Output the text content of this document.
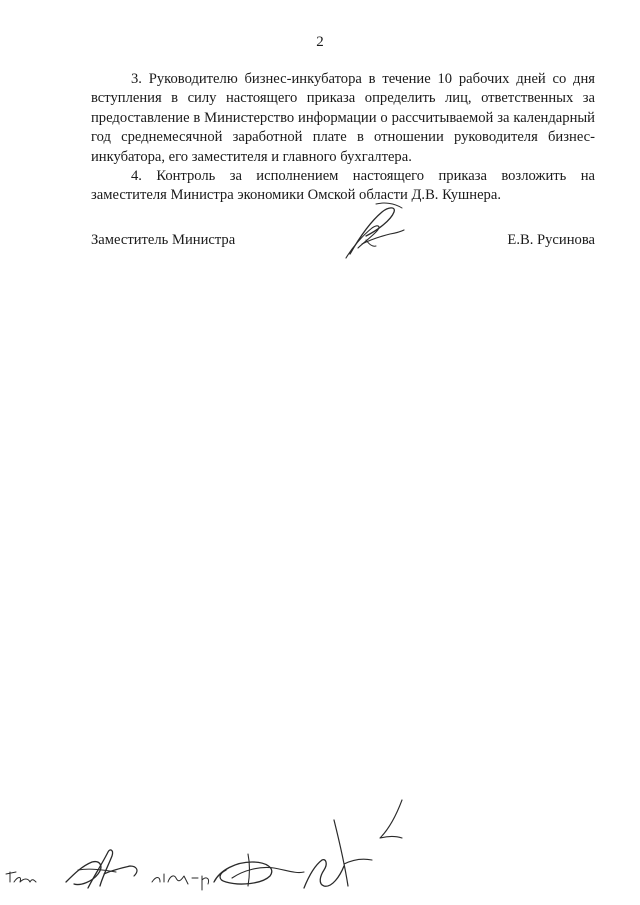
2

3. Руководителю бизнес-инкубатора в течение 10 рабочих дней со дня вступления в силу настоящего приказа определить лиц, ответственных за предоставление в Министерство информации о рассчитываемой за календарный год среднемесячной заработной плате в отношении руководителя бизнес-инкубатора, его заместителя и главного бухгалтера.

4. Контроль за исполнением настоящего приказа возложить на заместителя Министра экономики Омской области Д.В. Кушнера.

Заместитель Министра	Е.В. Русинова
